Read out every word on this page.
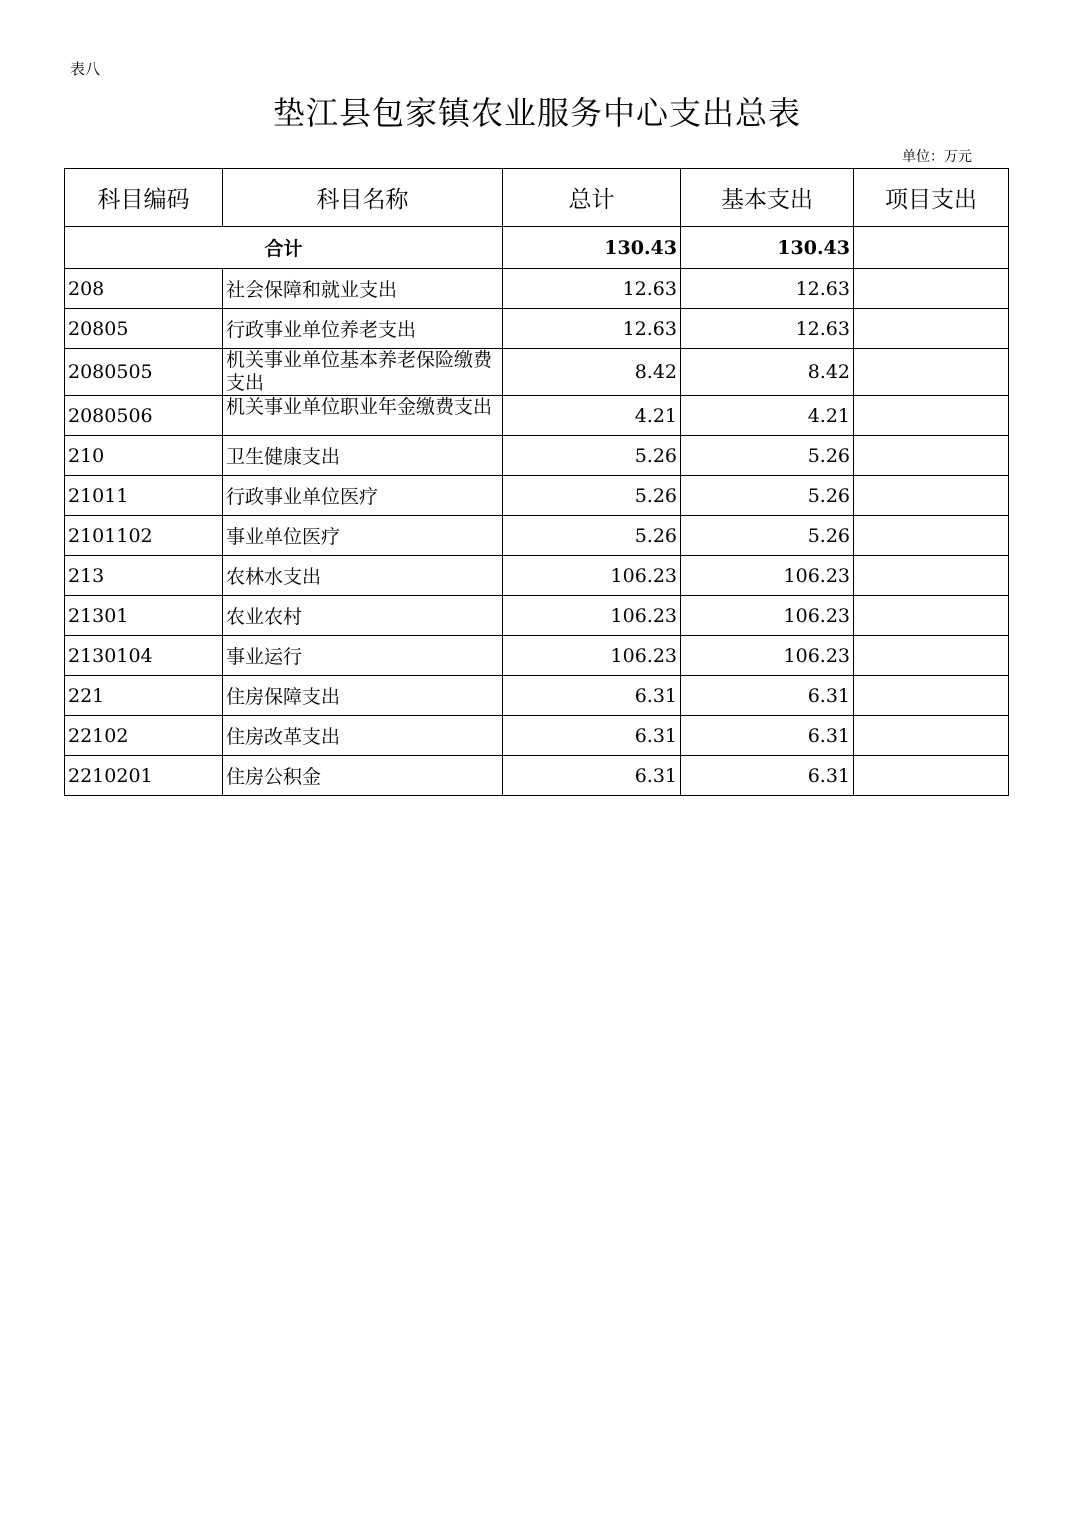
表八
垫江县包家镇农业服务中心支出总表
单位：万元
科目编码	科目名称	总计	基本支出	项目支出
合计		130.43	130.43	
208	社会保障和就业支出	12.63	12.63	
20805	行政事业单位养老支出	12.63	12.63	
2080505	机关事业单位基本养老保险缴费支出	8.42	8.42	
2080506	机关事业单位职业年金缴费支出	4.21	4.21	
210	卫生健康支出	5.26	5.26	
21011	行政事业单位医疗	5.26	5.26	
2101102	事业单位医疗	5.26	5.26	
213	农林水支出	106.23	106.23	
21301	农业农村	106.23	106.23	
2130104	事业运行	106.23	106.23	
221	住房保障支出	6.31	6.31	
22102	住房改革支出	6.31	6.31	
2210201	住房公积金	6.31	6.31	
